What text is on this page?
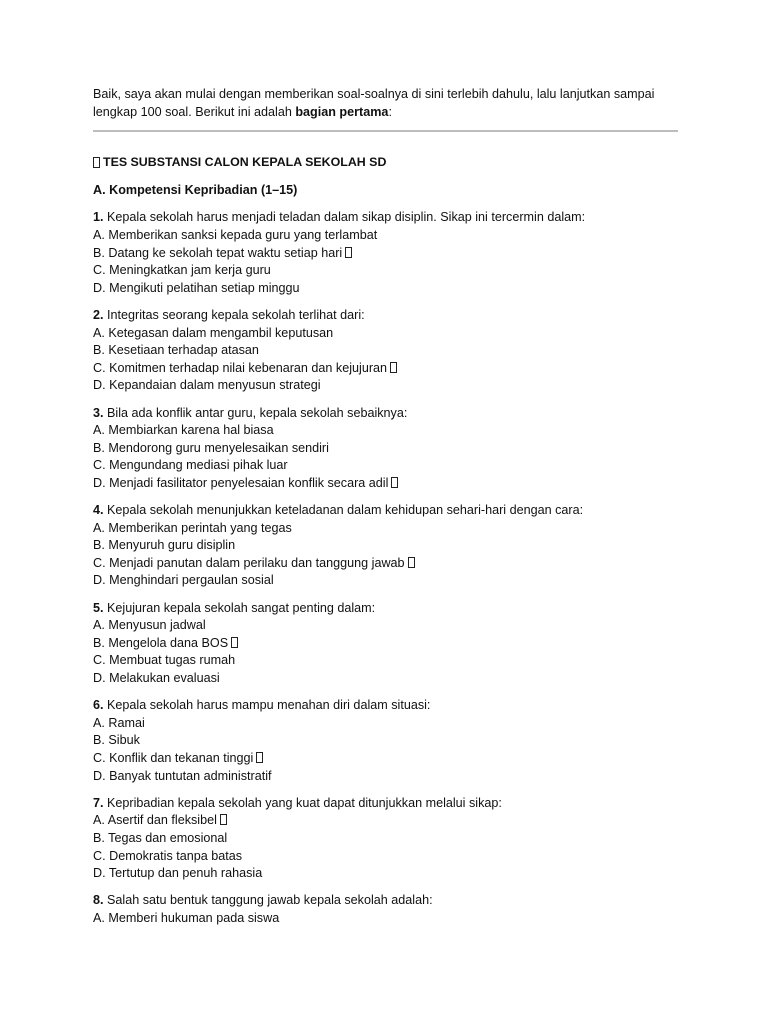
Baik, saya akan mulai dengan memberikan soal-soalnya di sini terlebih dahulu, lalu lanjutkan sampai lengkap 100 soal. Berikut ini adalah bagian pertama:

TES SUBSTANSI CALON KEPALA SEKOLAH SD
A. Kompetensi Kepribadian (1–15)
1. Kepala sekolah harus menjadi teladan dalam sikap disiplin. Sikap ini tercermin dalam:
A. Memberikan sanksi kepada guru yang terlambat
B. Datang ke sekolah tepat waktu setiap hari
C. Meningkatkan jam kerja guru
D. Mengikuti pelatihan setiap minggu
2. Integritas seorang kepala sekolah terlihat dari:
A. Ketegasan dalam mengambil keputusan
B. Kesetiaan terhadap atasan
C. Komitmen terhadap nilai kebenaran dan kejujuran
D. Kepandaian dalam menyusun strategi
3. Bila ada konflik antar guru, kepala sekolah sebaiknya:
A. Membiarkan karena hal biasa
B. Mendorong guru menyelesaikan sendiri
C. Mengundang mediasi pihak luar
D. Menjadi fasilitator penyelesaian konflik secara adil
4. Kepala sekolah menunjukkan keteladanan dalam kehidupan sehari-hari dengan cara:
A. Memberikan perintah yang tegas
B. Menyuruh guru disiplin
C. Menjadi panutan dalam perilaku dan tanggung jawab
D. Menghindari pergaulan sosial
5. Kejujuran kepala sekolah sangat penting dalam:
A. Menyusun jadwal
B. Mengelola dana BOS
C. Membuat tugas rumah
D. Melakukan evaluasi
6. Kepala sekolah harus mampu menahan diri dalam situasi:
A. Ramai
B. Sibuk
C. Konflik dan tekanan tinggi
D. Banyak tuntutan administratif
7. Kepribadian kepala sekolah yang kuat dapat ditunjukkan melalui sikap:
A. Asertif dan fleksibel
B. Tegas dan emosional
C. Demokratis tanpa batas
D. Tertutup dan penuh rahasia
8. Salah satu bentuk tanggung jawab kepala sekolah adalah:
A. Memberi hukuman pada siswa
